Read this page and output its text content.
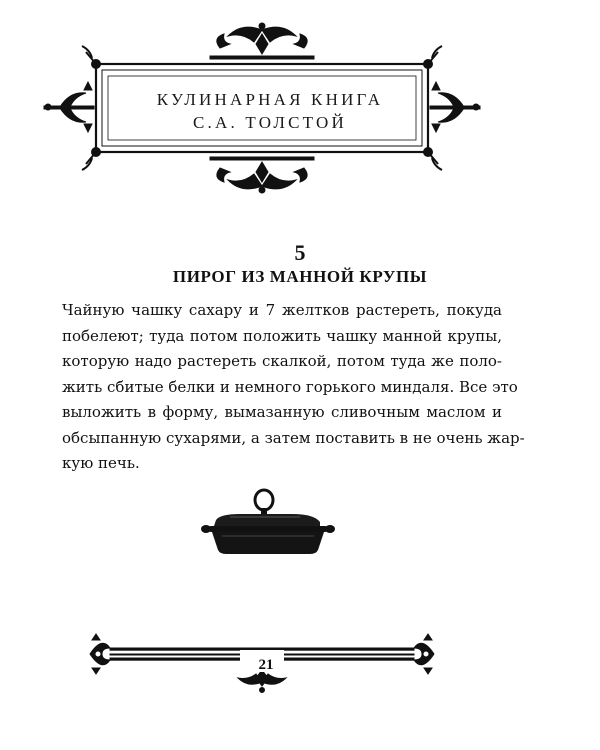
КУЛИНАРНАЯ КНИГА
С.А. ТОЛСТОЙ
5
ПИРОГ ИЗ МАННОЙ КРУПЫ
Чайную чашку сахару и 7 желтков растереть, покуда
побелеют; туда потом положить чашку манной крупы,
которую надо растереть скалкой, потом туда же поло-
жить сбитые белки и немного горького миндаля. Все это
выложить в форму, вымазанную сливочным маслом и
обсыпанную сухарями, а затем поставить в не очень жар-
кую печь.
21
